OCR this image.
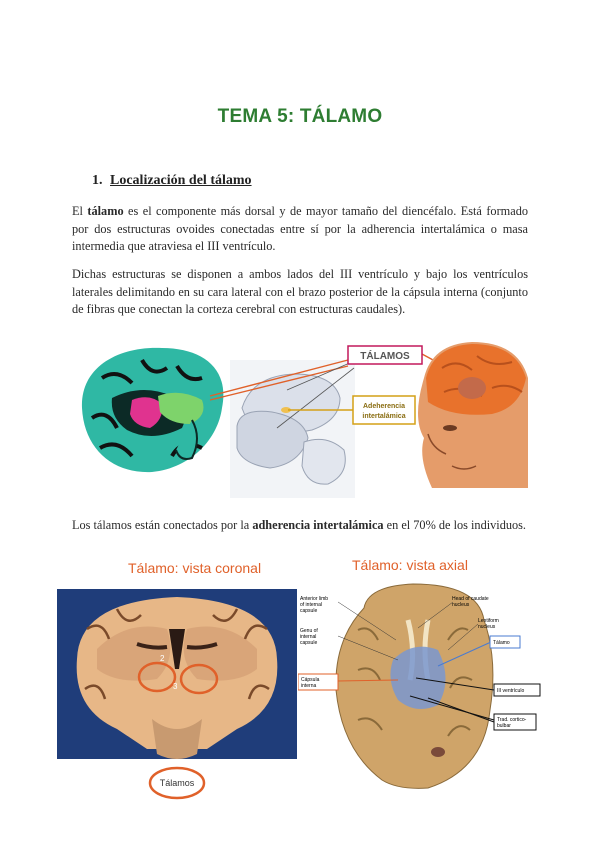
TEMA 5: TÁLAMO
1. Localización del tálamo
El tálamo es el componente más dorsal y de mayor tamaño del diencéfalo. Está formado por dos estructuras ovoides conectadas entre sí por la adherencia intertalámica o masa intermedia que atraviesa el III ventrículo.
Dichas estructuras se disponen a ambos lados del III ventrículo y bajo los ventrículos laterales delimitando en su cara lateral con el brazo posterior de la cápsula interna (conjunto de fibras que conectan la corteza cerebral con estructuras caudales).
TÁLAMOS
Adeherencia
intertalámica
Los tálamos están conectados por la adherencia intertalámica en el 70% de los individuos.
Tálamo: vista coronal	Tálamo: vista axial
2
3
Tálamos
Anterior limb
of internal
capsule
Genu of
internal
capsule
Cápsula
interna
Head of caudate
nucleus
Lentiform
nucleus
Tálamo
III ventrículo
Trad. cortico-
bulbar
